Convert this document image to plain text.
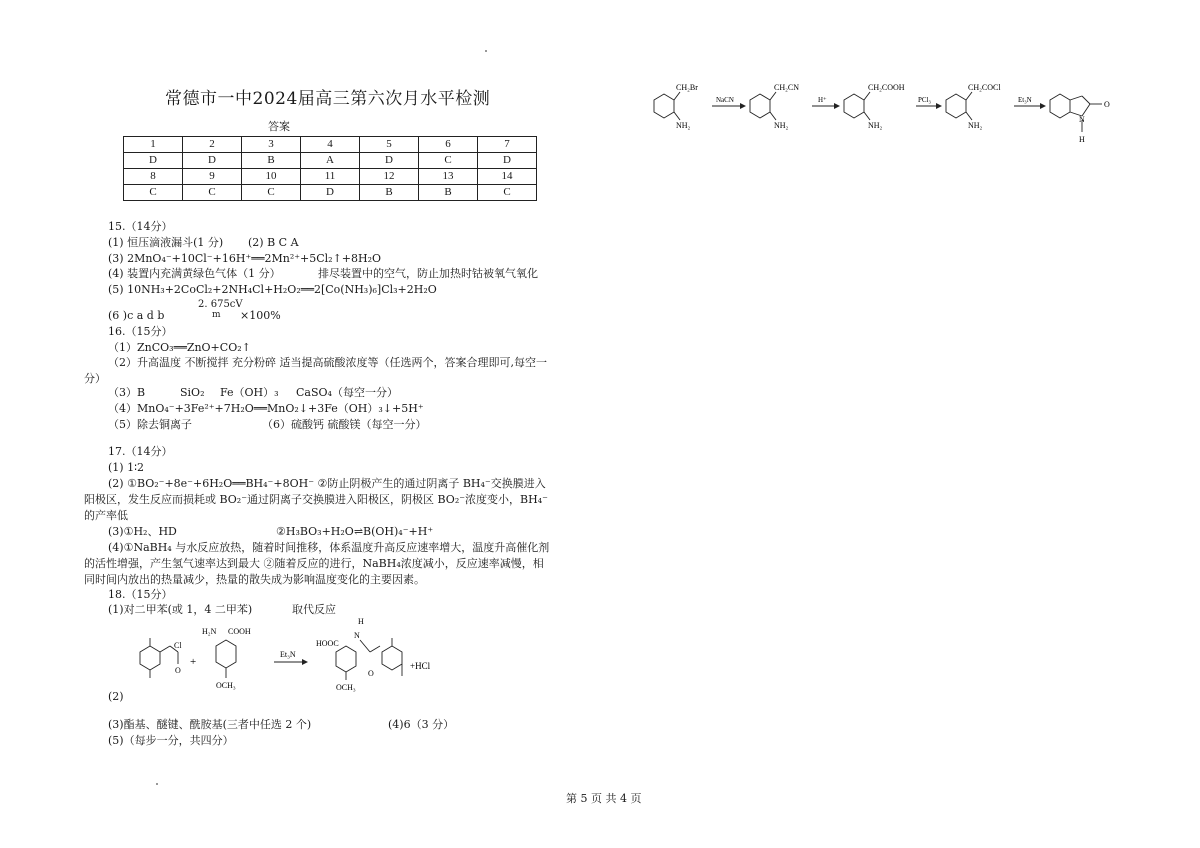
常德市一中2024届高三第六次月水平检测
答案
1	2	3	4	5	6	7
D	D	B	A	D	C	D
8	9	10	11	12	13	14
C	C	C	D	B	B	C
15.（14分）
(1) 恒压滴液漏斗(1 分) (2) B C A
(3) 2MnO₄⁻+10Cl⁻+16H⁺══2Mn²⁺+5Cl₂↑+8H₂O
(4) 装置内充满黄绿色气体（1 分）	排尽装置中的空气，防止加热时钴被氧气氧化
(5) 10NH₃+2CoCl₂+2NH₄Cl+H₂O₂══2[Co(NH₃)₆]Cl₃+2H₂O
2. 675cV
m
(6 )c a d b	×100%
16.（15分）
（1）ZnCO₃══ZnO+CO₂↑
（2）升高温度 不断搅拌 充分粉碎 适当提高硫酸浓度等（任选两个，答案合理即可,每空一分）
（3）B	SiO₂ Fe（OH）₃ CaSO₄（每空一分）
（4）MnO₄⁻+3Fe²⁺+7H₂O══MnO₂↓+3Fe（OH）₃↓+5H⁺
（5）除去铜离子	（6）硫酸钙 硫酸镁（每空一分）
17.（14分）
(1) 1∶2
(2) ①BO₂⁻+8e⁻+6H₂O══BH₄⁻+8OH⁻ ②防止阴极产生的通过阴离子 BH₄⁻交换膜进入阳极区，发生反应而损耗或 BO₂⁻通过阴离子交换膜进入阳极区，阴极区 BO₂⁻浓度变小，BH₄⁻的产率低
(3)①H₂、HD	②H₃BO₃+H₂O⇌B(OH)₄⁻+H⁺
(4)①NaBH₄ 与水反应放热，随着时间推移，体系温度升高反应速率增大，温度升高催化剂的活性增强，产生氢气速率达到最大 ②随着反应的进行，NaBH₄浓度减小，反应速率减慢，相同时间内放出的热量减少，热量的散失成为影响温度变化的主要因素。
18.（15分）
(1)对二甲苯(或 1，4 二甲苯)	取代反应
Cl
O
+
H₂N COOH
OCH₃
Et₃N
H
HOOC
N
O
OCH₃
+HCl
(2)
(3)酯基、醚键、酰胺基(三者中任选 2 个)	(4)6（3 分）
(5)（每步一分，共四分）
CH₂Br
NH₂
NaCN
CH₂CN
NH₂
H⁺
CH₂COOH
NH₂
PCl₃
CH₂COCl
NH₂
Et₃N	O
N
H
第 5 页 共 4 页
